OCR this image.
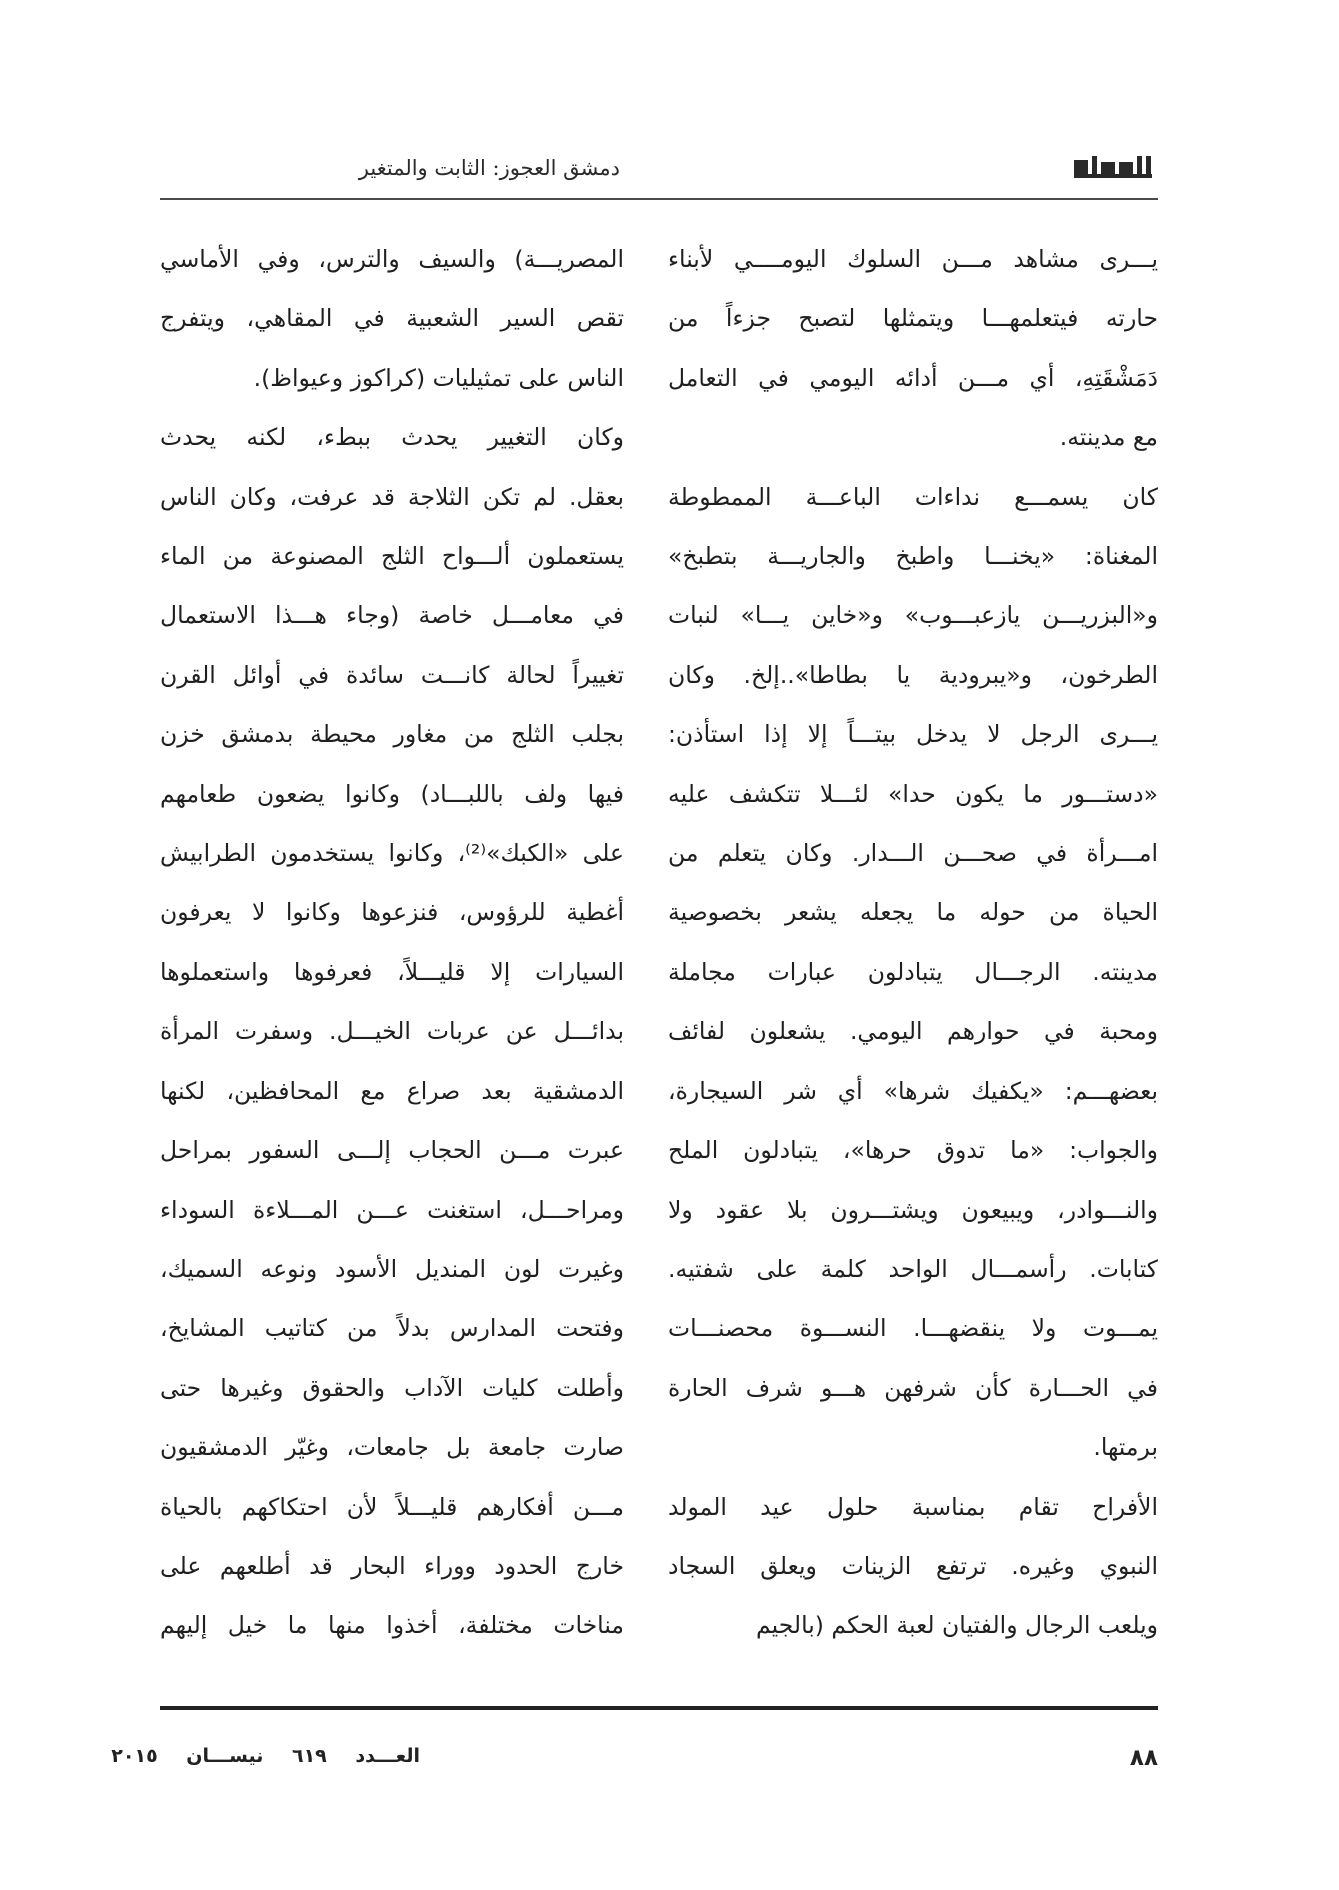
دمشق العجوز: الثابت والمتغير

يـــرى مشاهد مـــن السلوك اليومــــي لأبناء

حارته فيتعلمهـــا ويتمثلها لتصبح جزءاً من

دَمَشْقَتِهِ، أي مـــن أدائه اليومي في التعامل

مع مدينته.

كان يسمـــع نداءات الباعـــة الممطوطة

المغناة: «يخنـــا واطبخ والجاريـــة بتطبخ»

و«البزريـــن يازعبـــوب» و«خاين يـــا» لنبات

الطرخون، و«يبرودية يا بطاطا»..إلخ. وكان

يـــرى الرجل لا يدخل بيتـــاً إلا إذا استأذن:

«دستـــور ما يكون حدا» لئـــلا تتكشف عليه

امـــرأة في صحـــن الـــدار. وكان يتعلم من

الحياة من حوله ما يجعله يشعر بخصوصية

مدينته. الرجـــال يتبادلون عبارات مجاملة

ومحبة في حوارهم اليومي. يشعلون لفائف

بعضهـــم: «يكفيك شرها» أي شر السيجارة،

والجواب: «ما تدوق حرها»، يتبادلون الملح

والنـــوادر، ويبيعون ويشتـــرون بلا عقود ولا

كتابات. رأسمـــال الواحد كلمة على شفتيه.

يمـــوت ولا ينقضهـــا. النســـوة محصنـــات

في الحـــارة كأن شرفهن هـــو شرف الحارة

برمتها.

الأفراح تقام بمناسبة حلول عيد المولد

النبوي وغيره. ترتفع الزينات ويعلق السجاد

ويلعب الرجال والفتيان لعبة الحكم (بالجيم

المصريـــة) والسيف والترس، وفي الأماسي

تقص السير الشعبية في المقاهي، ويتفرج

الناس على تمثيليات (كراكوز وعيواظ).

وكان التغيير يحدث ببطء، لكنه يحدث

بعقل. لم تكن الثلاجة قد عرفت، وكان الناس

يستعملون ألـــواح الثلج المصنوعة من الماء

في معامـــل خاصة (وجاء هـــذا الاستعمال

تغييراً لحالة كانـــت سائدة في أوائل القرن

بجلب الثلج من مغاور محيطة بدمشق خزن

فيها ولف باللبـــاد) وكانوا يضعون طعامهم

على «الكبك»⁽²⁾، وكانوا يستخدمون الطرابيش

أغطية للرؤوس، فنزعوها وكانوا لا يعرفون

السيارات إلا قليـــلاً، فعرفوها واستعملوها

بدائـــل عن عربات الخيـــل. وسفرت المرأة

الدمشقية بعد صراع مع المحافظين، لكنها

عبرت مـــن الحجاب إلـــى السفور بمراحل

ومراحـــل، استغنت عـــن المـــلاءة السوداء

وغيرت لون المنديل الأسود ونوعه السميك،

وفتحت المدارس بدلاً من كتاتيب المشايخ،

وأطلت كليات الآداب والحقوق وغيرها حتى

صارت جامعة بل جامعات، وغيّر الدمشقيون

مـــن أفكارهم قليـــلاً لأن احتكاكهم بالحياة

خارج الحدود ووراء البحار قد أطلعهم على

مناخات مختلفة، أخذوا منها ما خيل إليهم

٨٨
العـــدد ٦١٩ نيســـان ٢٠١٥
